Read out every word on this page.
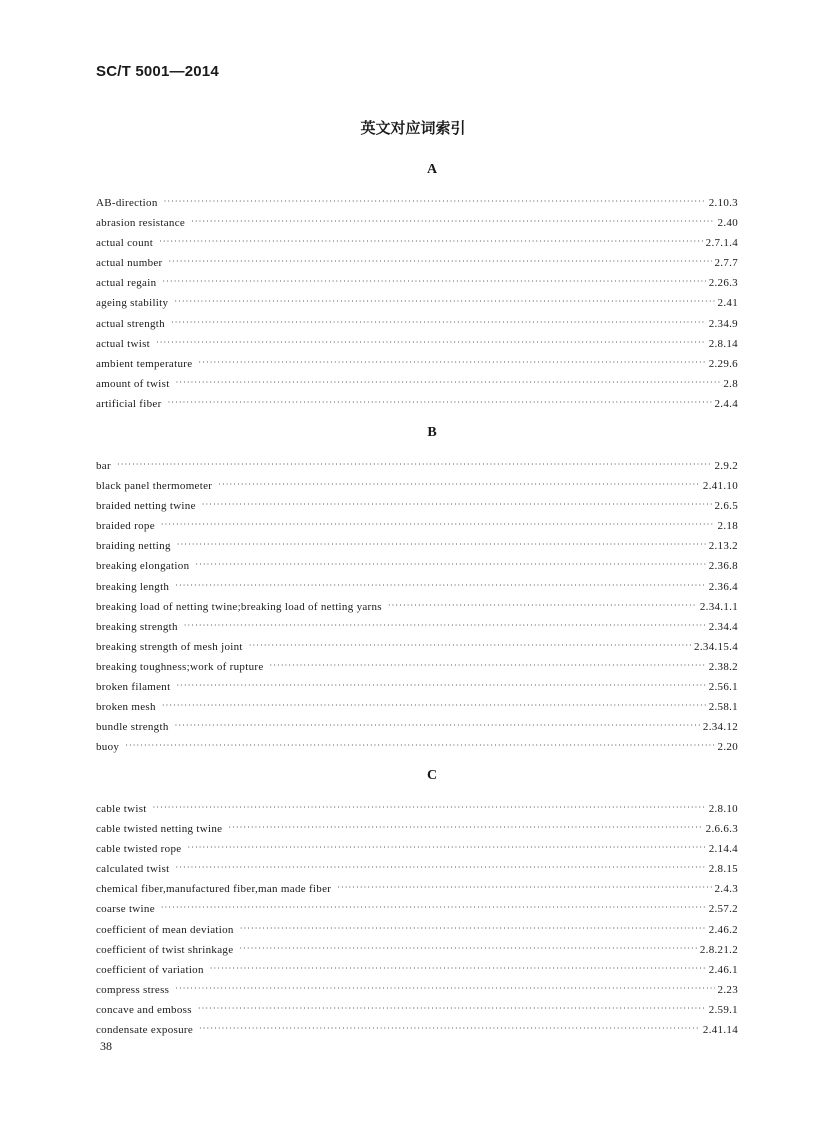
SC/T 5001—2014
英文对应词索引
A
AB-direction ·····	2.10.3
abrasion resistance ·····	2.40
actual count ·····	2.7.1.4
actual number ·····	2.7.7
actual regain ·····	2.26.3
ageing stability ·····	2.41
actual strength ·····	2.34.9
actual twist ·····	2.8.14
ambient temperature ·····	2.29.6
amount of twist ·····	2.8
artificial fiber ·····	2.4.4
B
bar ·····	2.9.2
black panel thermometer ·····	2.41.10
braided netting twine ·····	2.6.5
braided rope ·····	2.18
braiding netting ·····	2.13.2
breaking elongation ·····	2.36.8
breaking length ·····	2.36.4
breaking load of netting twine;breaking load of netting yarns ·····	2.34.1.1
breaking strength ·····	2.34.4
breaking strength of mesh joint ·····	2.34.15.4
breaking toughness;work of rupture ·····	2.38.2
broken filament ·····	2.56.1
broken mesh ·····	2.58.1
bundle strength ·····	2.34.12
buoy ·····	2.20
C
cable twist ·····	2.8.10
cable twisted netting twine ·····	2.6.6.3
cable twisted rope ·····	2.14.4
calculated twist ·····	2.8.15
chemical fiber,manufactured fiber,man made fiber ·····	2.4.3
coarse twine ·····	2.57.2
coefficient of mean deviation ·····	2.46.2
coefficient of twist shrinkage ·····	2.8.21.2
coefficient of variation ·····	2.46.1
compress stress ·····	2.23
concave and emboss ·····	2.59.1
condensate exposure ·····	2.41.14
38
